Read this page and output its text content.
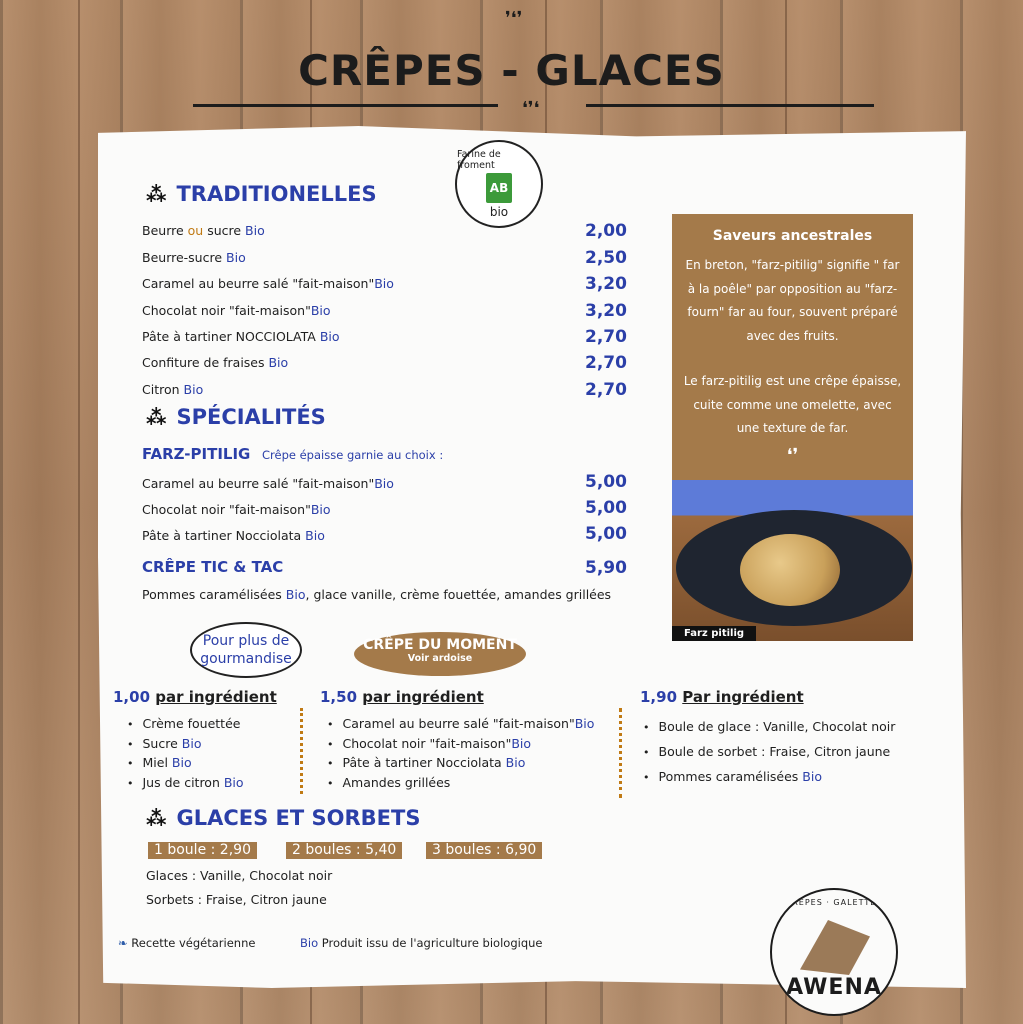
❜❛❜
CRÊPES - GLACES
❛❜❛
Farine de froment
AB
bio
⁂ TRADITIONELLES
Beurre ou sucre Bio	2,00
Beurre-sucre Bio	2,50
Caramel au beurre salé "fait-maison"Bio	3,20
Chocolat noir "fait-maison"Bio	3,20
Pâte à tartiner NOCCIOLATA Bio	2,70
Confiture de fraises Bio	2,70
Citron Bio	2,70
⁂ SPÉCIALITÉS
FARZ-PITILIG Crêpe épaisse garnie au choix :
Caramel au beurre salé "fait-maison"Bio	5,00
Chocolat noir "fait-maison"Bio	5,00
Pâte à tartiner Nocciolata Bio	5,00
CRÊPE TIC & TAC	5,90
Pommes caramélisées Bio, glace vanille, crème fouettée, amandes grillées
Saveurs ancestrales

En breton, "farz-pitilig" signifie " far à la poêle" par opposition au "farz-fourn" far au four, souvent préparé avec des fruits.

Le farz-pitilig est une crêpe épaisse, cuite comme une omelette, avec une texture de far.

❛❜
Farz pitilig
Pour plus de gourmandise
CRÊPE DU MOMENT
Voir ardoise
1,00 par ingrédient
• Crème fouettée
• Sucre Bio
• Miel Bio
• Jus de citron Bio
1,50 par ingrédient
• Caramel au beurre salé "fait-maison"Bio
• Chocolat noir "fait-maison"Bio
• Pâte à tartiner Nocciolata Bio
• Amandes grillées
1,90 Par ingrédient
• Boule de glace : Vanille, Chocolat noir
• Boule de sorbet : Fraise, Citron jaune
• Pommes caramélisées Bio
⁂ GLACES ET SORBETS
1 boule : 2,90	2 boules : 5,40	3 boules : 6,90
Glaces : Vanille, Chocolat noir
Sorbets : Fraise, Citron jaune
❧ Recette végétarienne	Bio Produit issu de l'agriculture biologique
CRÊPES · GALETTES
AWENA
